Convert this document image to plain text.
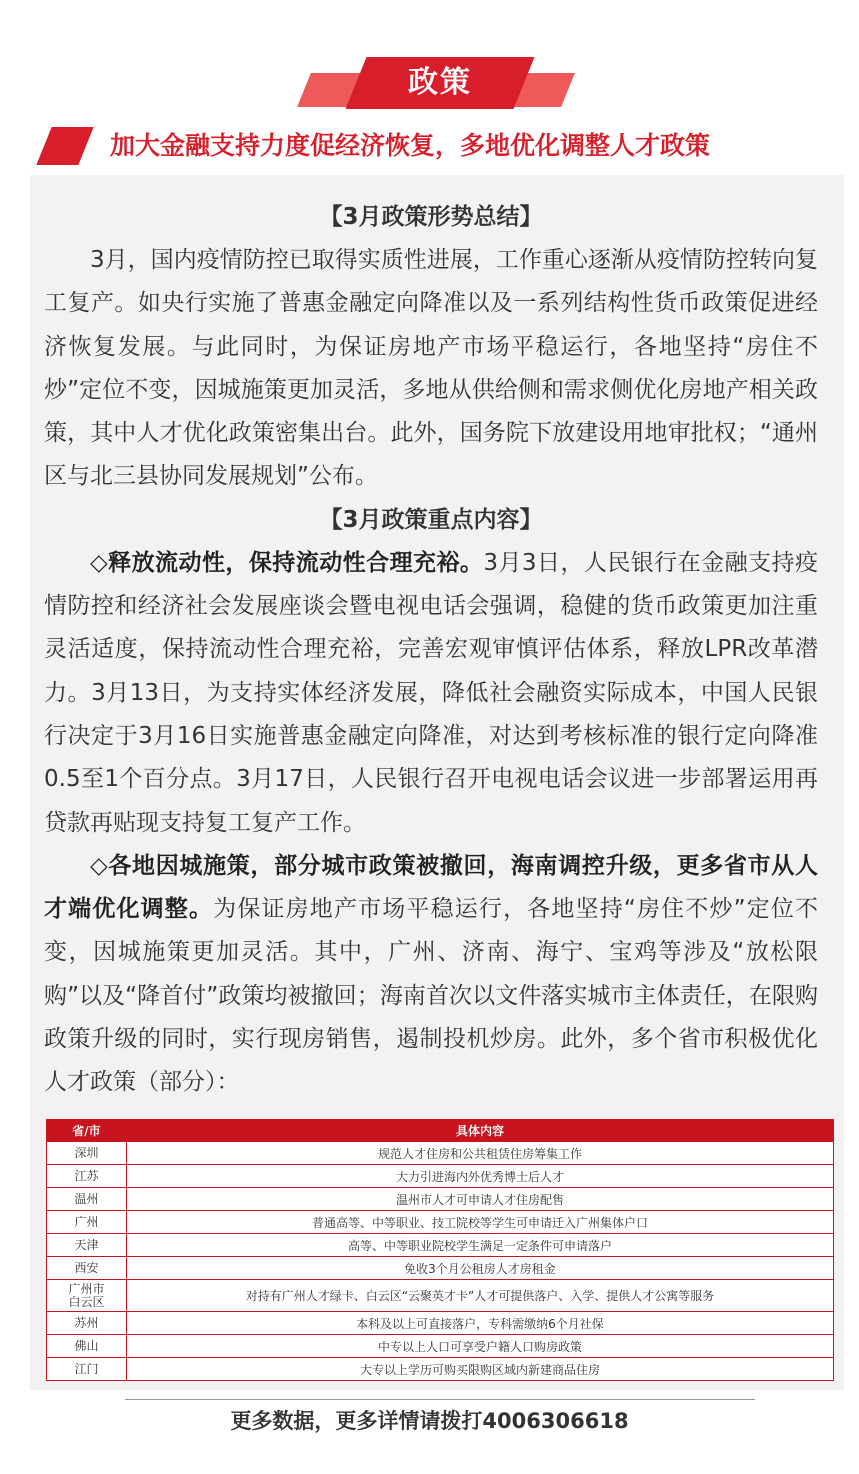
政策
加大金融支持力度促经济恢复，多地优化调整人才政策

【3月政策形势总结】

3月，国内疫情防控已取得实质性进展，工作重心逐渐从疫情防控转向复工复产。如央行实施了普惠金融定向降准以及一系列结构性货币政策促进经济恢复发展。与此同时，为保证房地产市场平稳运行，各地坚持“房住不炒”定位不变，因城施策更加灵活，多地从供给侧和需求侧优化房地产相关政策，其中人才优化政策密集出台。此外，国务院下放建设用地审批权；“通州区与北三县协同发展规划”公布。

【3月政策重点内容】

◇释放流动性，保持流动性合理充裕。3月3日，人民银行在金融支持疫情防控和经济社会发展座谈会暨电视电话会强调，稳健的货币政策更加注重灵活适度，保持流动性合理充裕，完善宏观审慎评估体系，释放LPR改革潜力。3月13日，为支持实体经济发展，降低社会融资实际成本，中国人民银行决定于3月16日实施普惠金融定向降准，对达到考核标准的银行定向降准0.5至1个百分点。3月17日，人民银行召开电视电话会议进一步部署运用再贷款再贴现支持复工复产工作。

◇各地因城施策，部分城市政策被撤回，海南调控升级，更多省市从人才端优化调整。为保证房地产市场平稳运行，各地坚持“房住不炒”定位不变，因城施策更加灵活。其中，广州、济南、海宁、宝鸡等涉及“放松限购”以及“降首付”政策均被撤回；海南首次以文件落实城市主体责任，在限购政策升级的同时，实行现房销售，遏制投机炒房。此外，多个省市积极优化人才政策（部分）：

省/市	具体内容
深圳	规范人才住房和公共租赁住房筹集工作
江苏	大力引进海内外优秀博士后人才
温州	温州市人才可申请人才住房配售
广州	普通高等、中等职业、技工院校等学生可申请迁入广州集体户口
天津	高等、中等职业院校学生满足一定条件可申请落户
西安	免收3个月公租房人才房租金
广州市
白云区	对持有广州人才绿卡、白云区“云聚英才卡”人才可提供落户、入学、提供人才公寓等服务
苏州	本科及以上可直接落户，专科需缴纳6个月社保
佛山	中专以上人口可享受户籍人口购房政策
江门	大专以上学历可购买限购区域内新建商品住房
更多数据，更多详情请拨打4006306618
